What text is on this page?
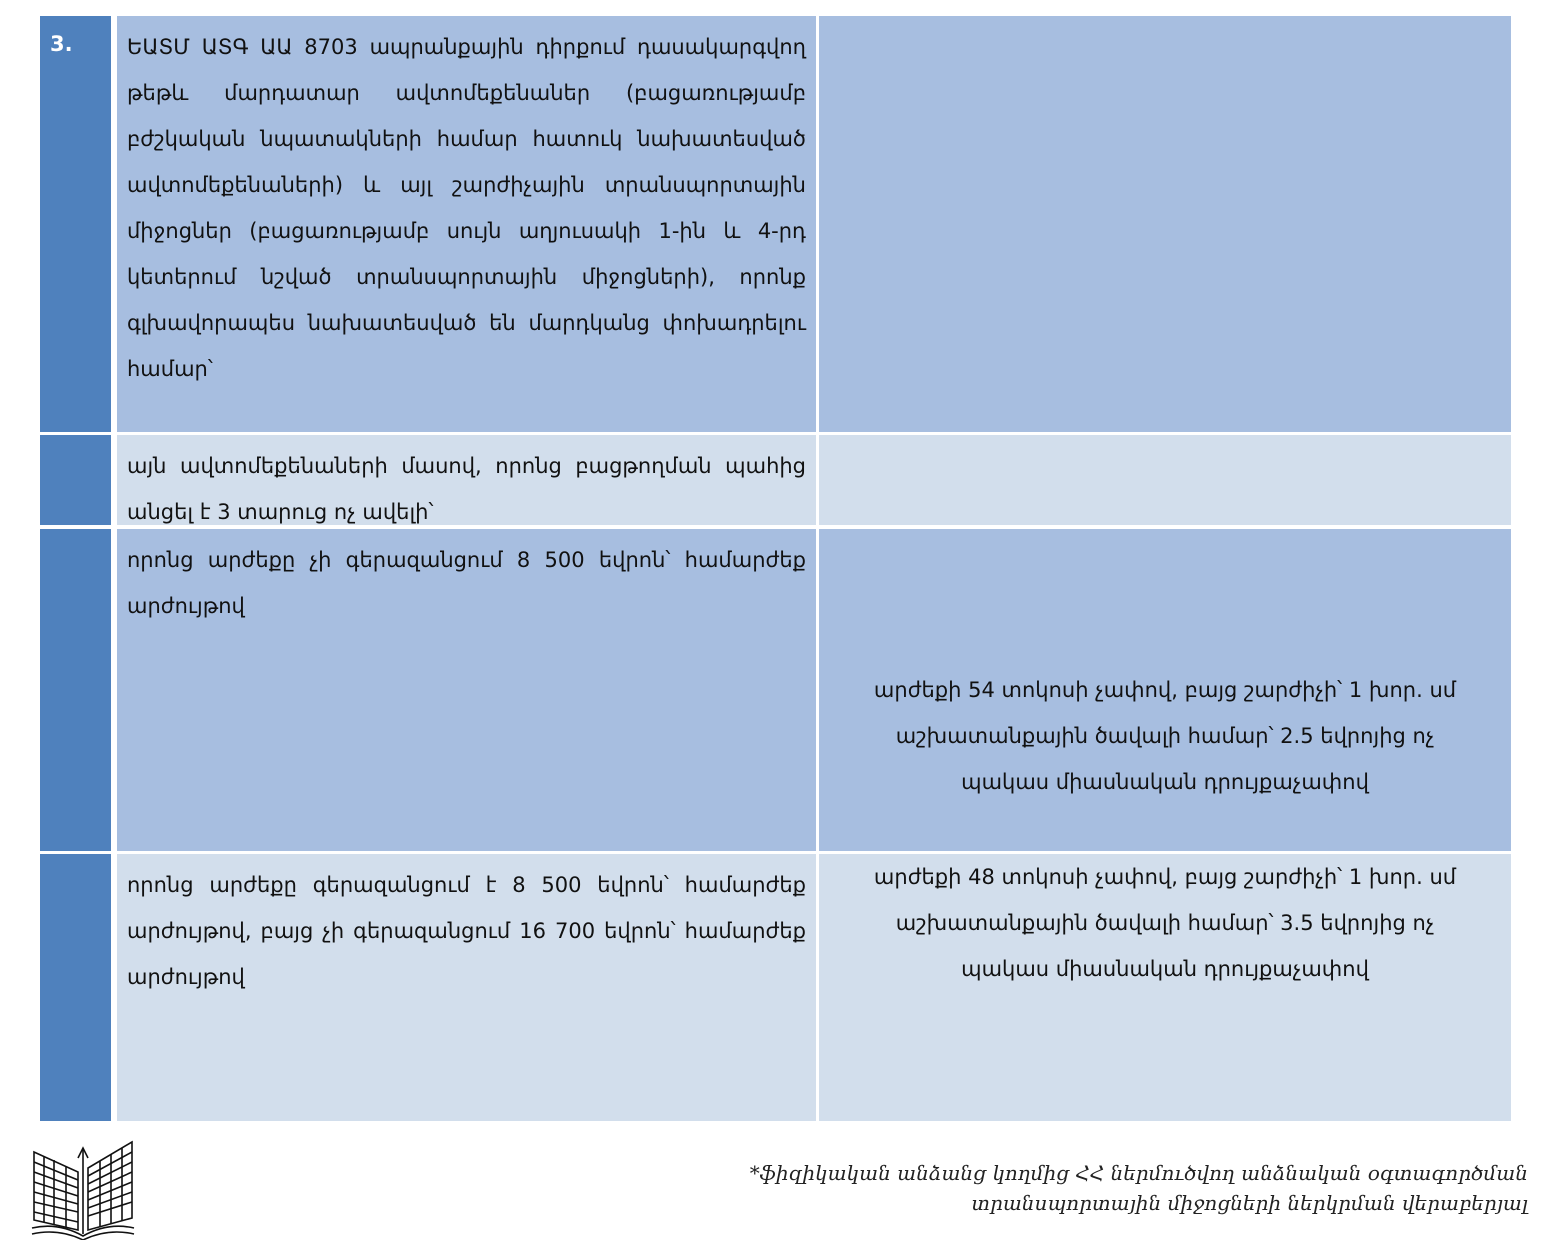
3.	ԵԱՏՄ ԱՏԳ ԱԱ 8703 ապրանքային դիրքում դասակարգվող թեթև մարդատար ավտոմեքենաներ (բացառությամբ բժշկական նպատակների համար հատուկ նախատեսված ավտոմեքենաների) և այլ շարժիչային տրանսպորտային միջոցներ (բացառությամբ սույն աղյուսակի 1-ին և 4-րդ կետերում նշված տրանսպորտային միջոցների), որոնք գլխավորապես նախատեսված են մարդկանց փոխադրելու համար՝
այն ավտոմեքենաների մասով, որոնց բացթողման պահից անցել է 3 տարուց ոչ ավելի՝
որոնց արժեքը չի գերազանցում 8 500 եվրոն՝ համարժեք արժույթով
արժեքի 54 տոկոսի չափով, բայց շարժիչի՝ 1 խոր. սմ աշխատանքային ծավալի համար՝ 2.5 եվրոյից ոչ պակաս միասնական դրույքաչափով
որոնց արժեքը գերազանցում է 8 500 եվրոն՝ համարժեք արժույթով, բայց չի գերազանցում 16 700 եվրոն՝ համարժեք արժույթով
արժեքի 48 տոկոսի չափով, բայց շարժիչի՝ 1 խոր. սմ աշխատանքային ծավալի համար՝ 3.5 եվրոյից ոչ պակաս միասնական դրույքաչափով
*ֆիզիկական անձանց կողմից ՀՀ ներմուծվող անձնական օգտագործման
տրանսպորտային միջոցների ներկրման վերաբերյալ
